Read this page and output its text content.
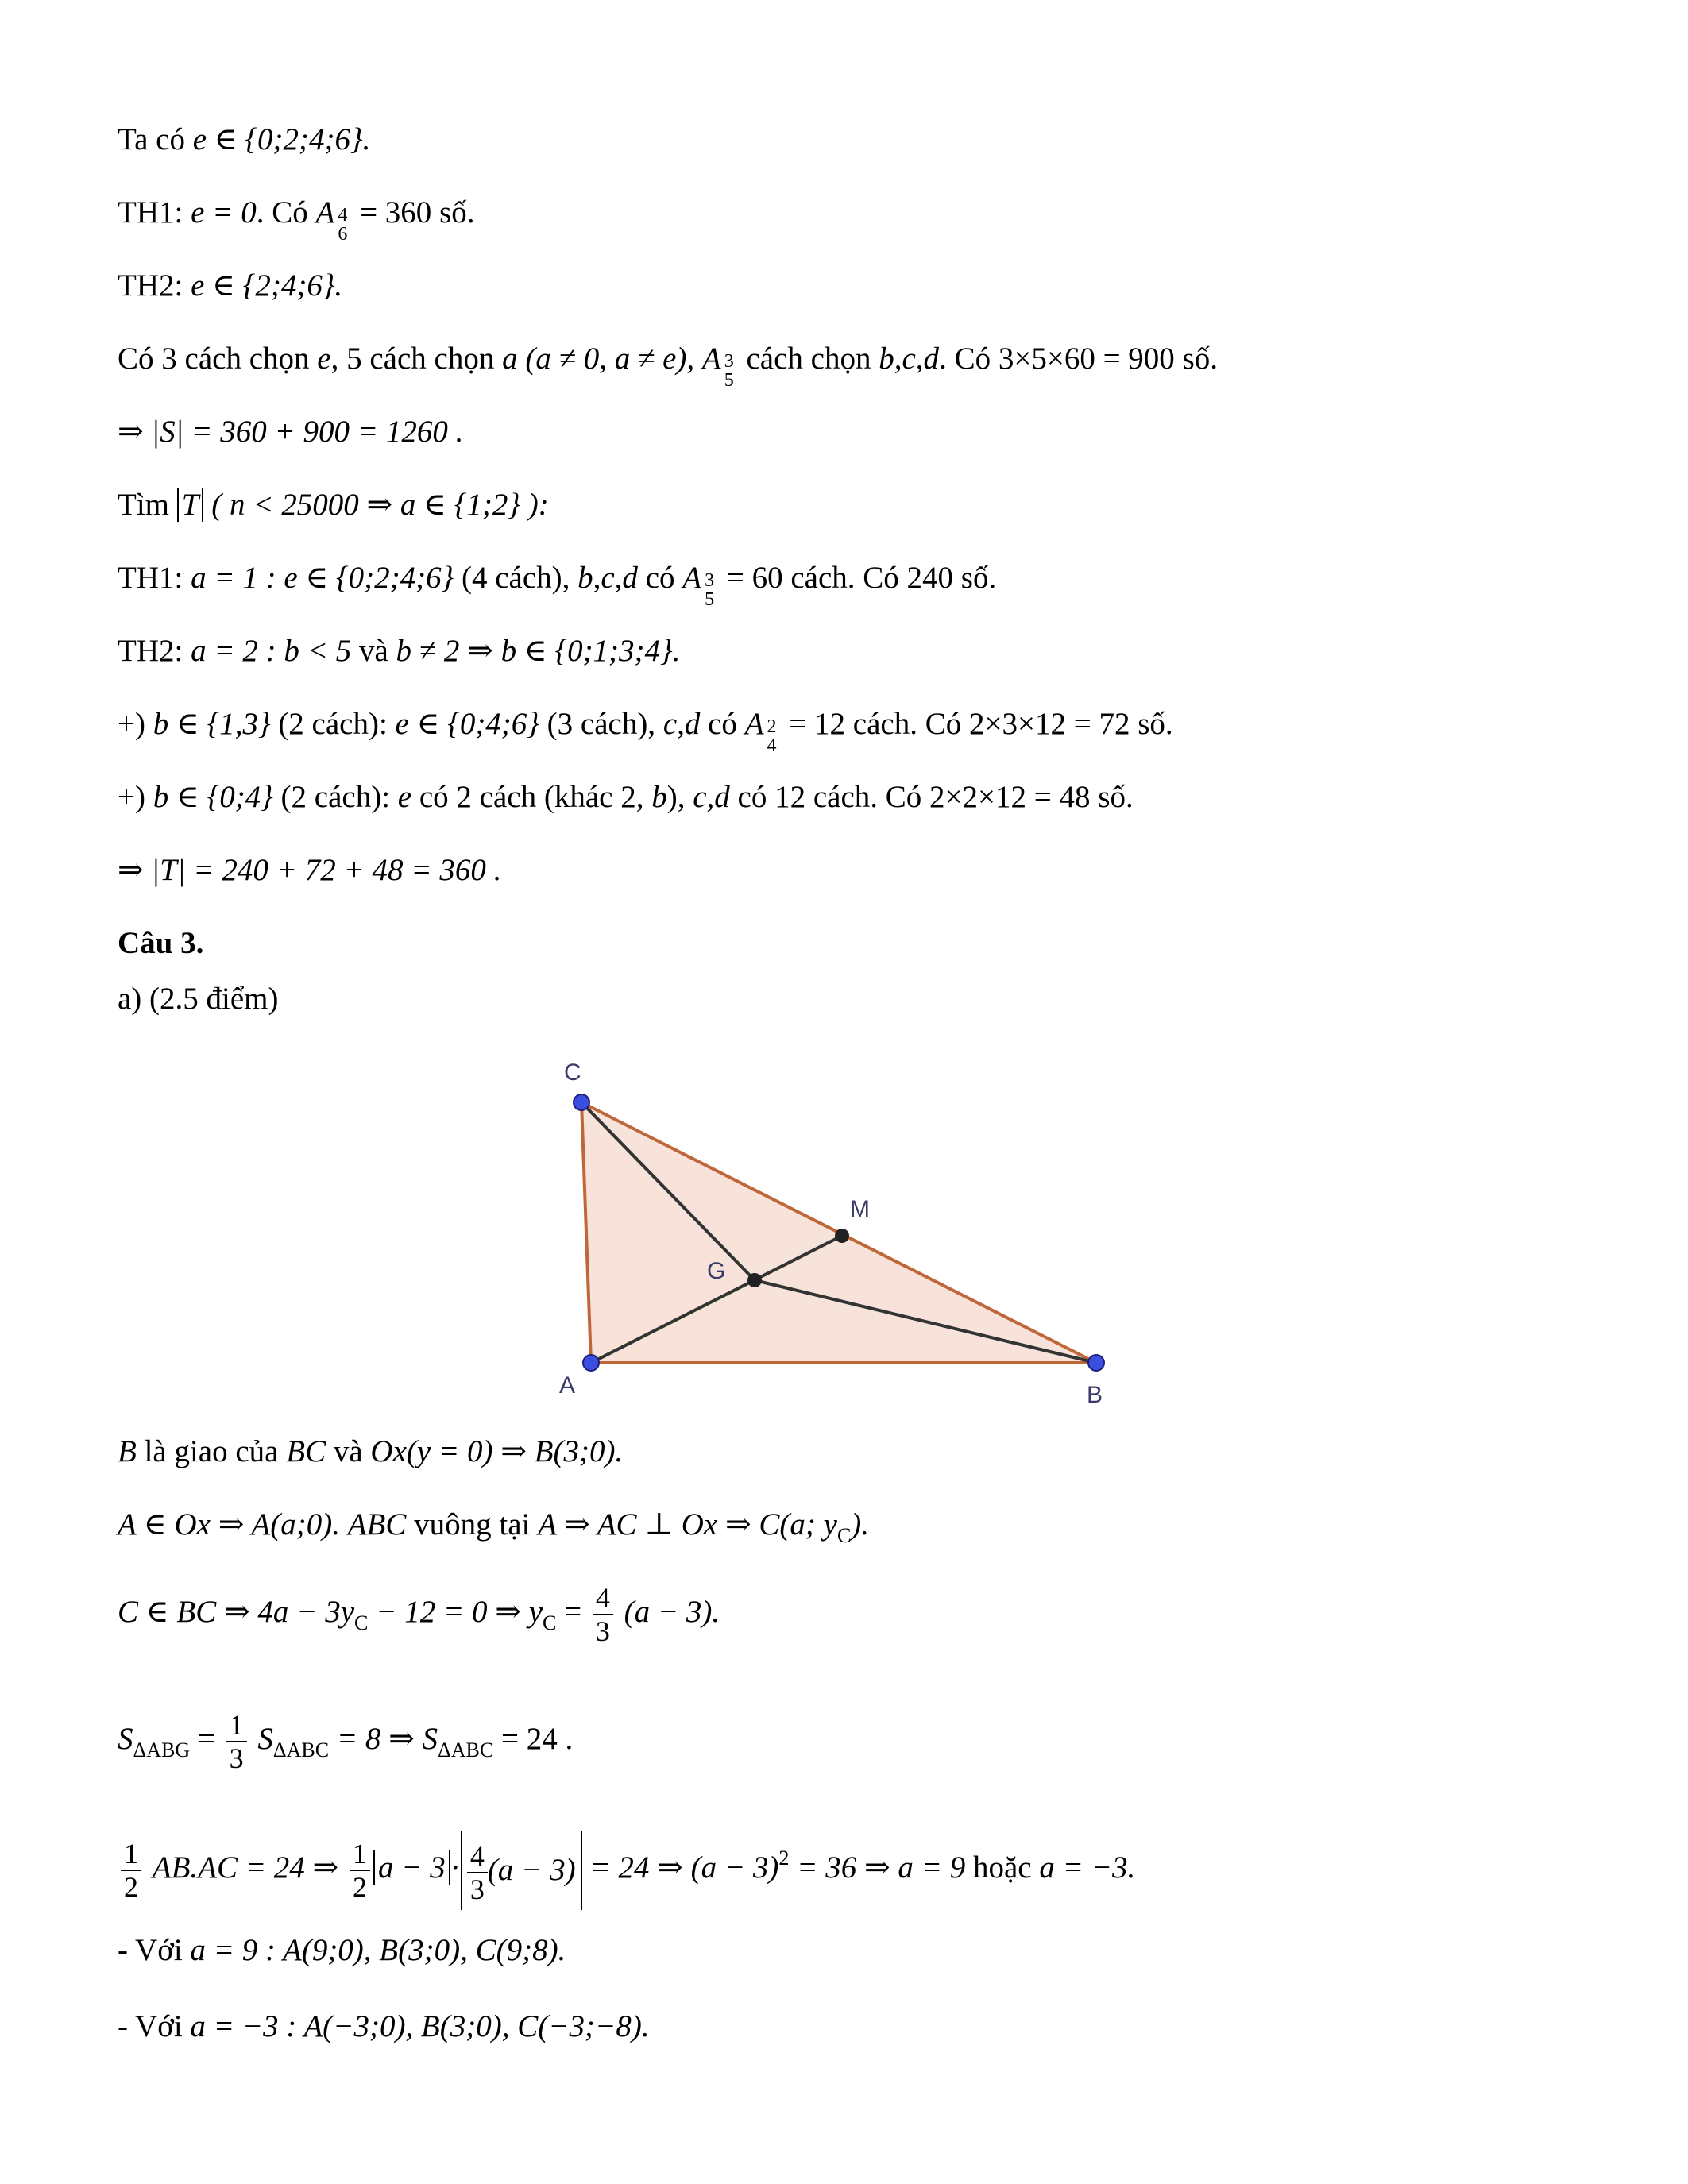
Ta có e ∈ {0;2;4;6}.
TH1: e = 0. Có A 4
6
= 360 số.
TH2: e ∈ {2;4;6}.
Có 3 cách chọn e, 5 cách chọn a (a ≠ 0, a ≠ e), A 3
5
cách chọn b,c,d. Có 3×5×60 = 900 số.
⇒ |S| = 360 + 900 = 1260 .
Tìm T ( n < 25000 ⇒ a ∈ {1;2} ):
TH1: a = 1 : e ∈ {0;2;4;6} (4 cách), b,c,d có A 3
5
= 60 cách. Có 240 số.
TH2: a = 2 : b < 5 và b ≠ 2 ⇒ b ∈ {0;1;3;4}.
+) b ∈ {1,3} (2 cách): e ∈ {0;4;6} (3 cách), c,d có A 2
4
= 12 cách. Có 2×3×12 = 72 số.
+) b ∈ {0;4} (2 cách): e có 2 cách (khác 2, b), c,d có 12 cách. Có 2×2×12 = 48 số.
⇒ |T| = 240 + 72 + 48 = 360 .
Câu 3.
a) (2.5 điểm)
C
M
G
A	B
B là giao của BC và Ox(y = 0) ⇒ B(3;0).
A ∈ Ox ⇒ A(a;0). ABC vuông tại A ⇒ AC ⊥ Ox ⇒ C(a; $y_C$).
C ∈ BC ⇒ $4a - 3y_C - 12 = 0$ ⇒ $y_C = \frac{4}{3} (a - 3)$.
$S_{\Delta ABG} = \frac{1}{3} S_{\Delta ABC} = 8$ ⇒ $S_{\Delta ABC} = 24$ .
$\frac{1}{2} AB.AC = 24$ ⇒ $\frac{1}{2}$ $a - 3 \cdot \frac{4}{3} (a - 3) = 24$ ⇒ $(a - 3)^2 = 36$ ⇒ a = 9 hoặc a = −3.
- Với a = 9 : A(9;0), B(3;0), C(9;8).
- Với a = −3 : A(−3;0), B(3;0), C(−3;−8).
